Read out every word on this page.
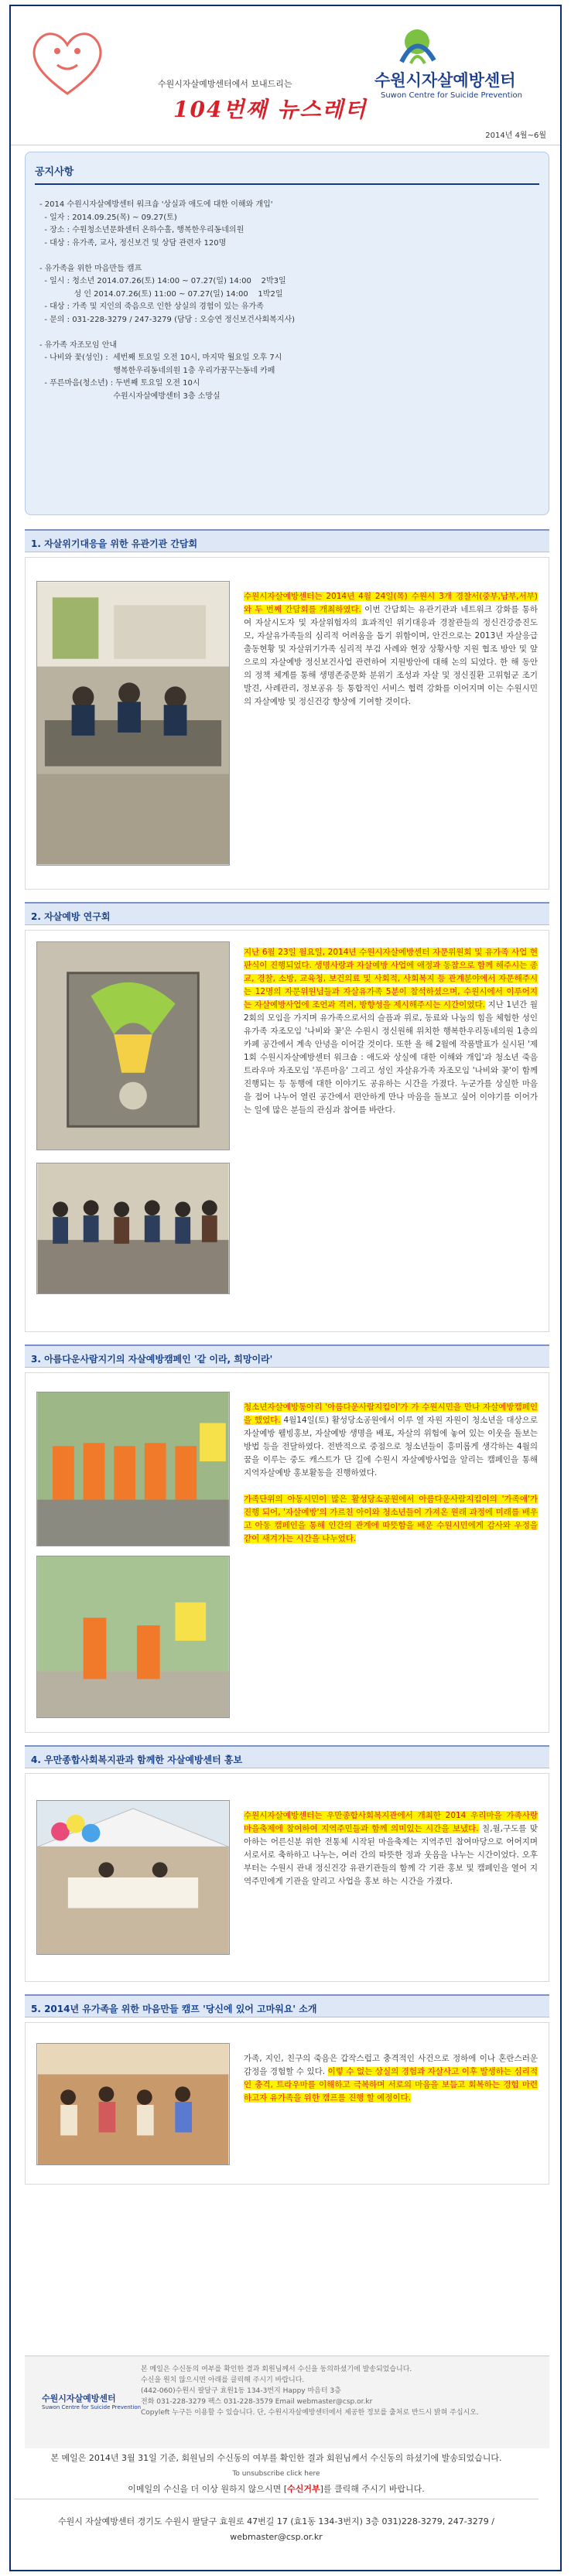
수원시자살예방센터에서 보내드리는
104번째 뉴스레터
수원시자살예방센터
Suwon Centre for Suicide Prevention
2014년 4월~6월
공지사항

- 2014 수원시자살예방센터 워크숍 '상실과 애도에 대한 이해와 개입'

- 일자 : 2014.09.25(목) ~ 09.27(토)

- 장소 : 수원청소년문화센터 온하수홀, 행복한우리동네의원

- 대상 : 유가족, 교사, 정신보건 및 상담 관련자 120명

- 유가족을 위한 마음만들 캠프

- 일시 : 청소년 2014.07.26(토) 14:00 ~ 07.27(일) 14:00    2박3일

성 인 2014.07.26(토) 11:00 ~ 07.27(일) 14:00    1박2일

- 대상 : 가족 및 지인의 죽음으로 인한 상실의 경험이 있는 유가족

- 문의 : 031-228-3279 / 247-3279 (담당 : 오승연 정신보건사회복지사)

- 유가족 자조모임 안내

- 나비와 꽃(성인) :  세번째 토요일 오전 10시, 마지막 월요일 오후 7시

행복한우리동네의원 1층 우리가꿈꾸는동네 카페

- 푸른마음(청소년) : 두번째 토요일 오전 10시

수원시자살예방센터 3층 소망실

1. 자살위기대응을 위한 유관기관 간담회
수원시자살예방센터는 2014년 4월 24일(목) 수원시 3개 경찰서(중부,남부,서부)와 두 번째 간담회를 개최하였다. 이번 간담회는 유관기관과 네트워크 강화를 통하여 자살시도자 및 자살위험자의 효과적인 위기대응과 경찰관들의 정신건강증진도모, 자살유가족들의 심리적 어려움을 돕기 위함이며, 안건으로는 2013년 자살응급출동현황 및 자살위기가족 심리적 부검 사례와 현장 상황사항 지원 협조 방안 및 앞으로의 자살예방 정신보건사업 관련하여 지원방안에 대해 논의 되었다. 한 해 동안의 정책 체계를 통해 생명존중문화 분위기 조성과 자살 및 정신질환 고위험군 조기발견, 사례관리, 정보공유 등 통합적인 서비스 협력 강화를 이어지며 이는 수원시민의 자살예방 및 정신건강 향상에 기여할 것이다.
2. 자살예방 연구회
지난 6월 23일 월요일, 2014년 수원시자살예방센터 자문위원회 및 유가족 사업 현판식이 진행되었다. 생명사랑과 자살예방 사업에 애정과 동참으로 함께 해주시는 종교, 경찰, 소방, 교육청, 보건의료 및 사회적, 사회복지 등 관계분야에서 자문해주시는 12명의 자문위원님들과 자살유가족 5분이 참석하셨으며, 수원시에서 이루어지는 자살예방사업에 조언과 격려, 방향성을 제시해주시는 시간이었다. 지난 1년간 월2회의 모임을 가지며 유가족으로서의 슬픔과 위로, 동료와 나눔의 힘을 체험한 성인유가족 자조모임 '나비와 꽃'은 수원시 정신원해 위치한 행복한우리동네의원 1층의 카페 공간에서 계속 안녕을 이어갈 것이다. 또한 올 해 2월에 작품발표가 실시된 '제1회 수원시자살예방센터 워크숍 : 애도와 상실에 대한 이해와 개입'과 청소년 죽음트라우마 자조모임 '푸른마음' 그리고 성인 자살유가족 자조모임 '나비와 꽃'이 함께 진행되는 등 동행에 대한 이야기도 공유하는 시간을 가졌다. 누군가를 상실한 마음을 접어 나누어 열린 공간에서 편안하게 만나 마음을 돌보고 싶어 이야기를 이어가는 일에 많은 분들의 관심과 참여를 바란다.
3. 아름다운사람지기의 자살예방캠페인 '같 이라, 희망이라'
청소년자살예방동아리 '아름다운사람지킴이'가 가 수원시민을 만나 자살예방캠페인을 했었다. 4월14일(토) 활성당소공원에서 이루 열 자원 자원이 청소년을 대상으로 자살예방 웰빙홍보, 자살예방 생명을 배포, 자살의 위험에 놓여 있는 이웃을 돌보는 방법 등을 전달하였다. 전반적으로 중점으로 청소년들이 흥미롭게 생각하는 4월의 꿈을 이루는 중도 캐스트가 단 길에 수원시 자살예방사업을 알리는 캠페인을 통해 지역자살예방 홍보활동을 진행하였다.

가족단위의 아동시민이 많은 활성당소공원에서 아름다운사람지킴이의 '가족애'가 진행 되어, '자살예방'의 가르친 아이와 청소년들이 가져온 원래 과정에 미래를 배우고 아동 캠페인을 통해 인간의 관계에 따뜻함을 배운 수원시민에게 감사와 우정을 같이 새겨가는 시간을 나누었다.
4. 우만종합사회복지관과 함께한 자살예방센터 홍보
수원시자살예방센터는 우만종합사회복지관에서 개최한 2014 우리마을 가족사랑 마을축제에 참여하여 지역주민들과 함께 의미있는 시간을 보냈다. 칠,월,구도를 맞아하는 어른신분 위한 전통체 시작된 마을축제는 지역주민 참여마당으로 어어지며 서로서로 축하하고 나누는, 여러 간의 따뜻한 정과 웃음을 나누는 시간이었다. 오후부터는 수원시 관내 정신건강 유관기관들의 함께 각 기관 홍보 및 캠페인을 열어 지역주민에게 기관을 알리고 사업을 홍보 하는 시간을 가졌다.
5. 2014년 유가족을 위한 마음만들 캠프 '당신에 있어 고마워요' 소개
가족, 지인, 친구의 죽음은 갑작스럽고 충격적인 사건으로 정하에 이나 혼란스러운 감정을 경험할 수 있다. 이렇 수 없는 상실의 경험과 자살사고 이후 발생하는 심리적인 충격, 트라우마를 이해하고 극복하며 서로의 마음을 보듬고 회복하는 경험 마련하고자 유가족을 위한 캠프를 진행 할 예정이다.
수원시자살예방센터
Suwon Centre for Suicide Prevention
본 메일은 수신동의 여부를 확인한 결과 회원님께서 수신을 동의하셨기에 발송되었습니다.
수신을 원치 않으시면 아래를 클릭해 주시기 바랍니다.
(442-060)수원시 팔달구 효원1동 134-3번지 Happy 마음터 3층
전화 031-228-3279 팩스 031-228-3579 Email webmaster@csp.or.kr
Copyleft 누구든 이용할 수 있습니다. 단, 수원시자살예방센터에서 제공한 정보를 출처로 반드시 밝혀 주십시오.
본 메일은 2014년 3월 31일 기준, 회원님의 수신동의 여부를 확인한 결과 회원님께서 수신동의 하셨기에 발송되었습니다.
To unsubscribe click here
이메일의 수신을 더 이상 원하지 않으시면 [수신거부]를 클릭해 주시기 바랍니다.
수원시 자살예방센터 경기도 수원시 팔달구 효원로 47번길 17 (효1동 134-3번지) 3층 031)228-3279, 247-3279 / webmaster@csp.or.kr
